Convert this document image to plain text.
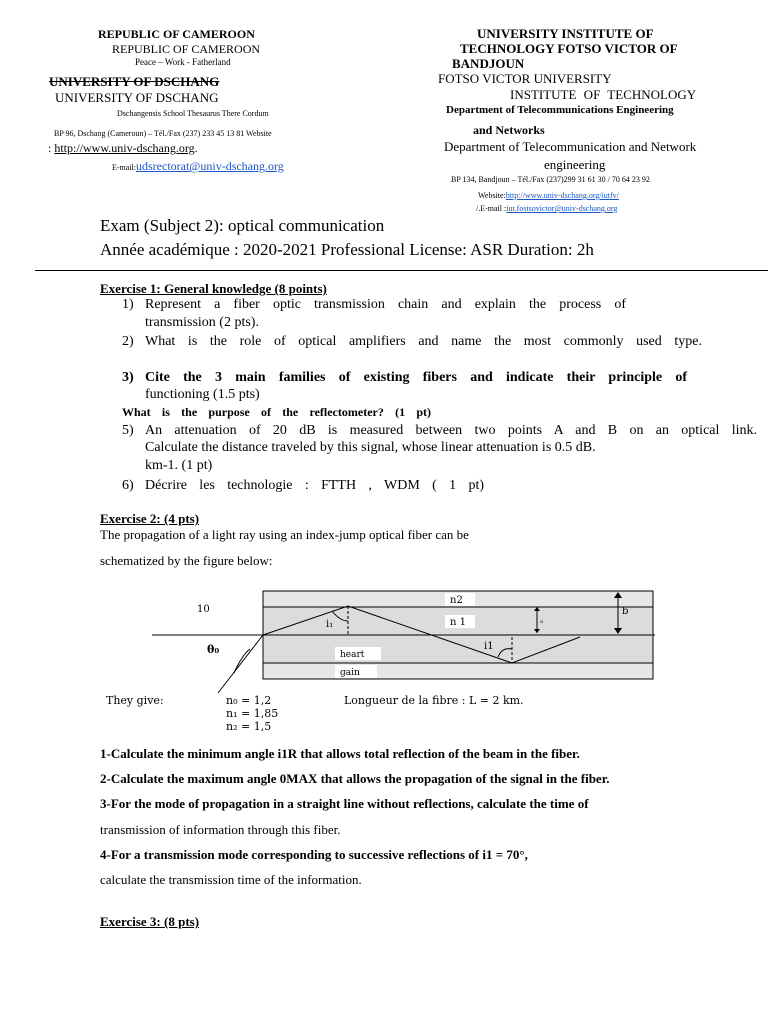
REPUBLIC OF CAMEROON
REPUBLIC OF CAMEROON
Peace – Work - Fatherland
UNIVERSITY OF DSCHANG
UNIVERSITY OF DSCHANG
Dschangensis School Thesaurus There Cordum
BP 96, Dschang (Cameroun) – Tél./Fax (237) 233 45 13 81 Website
: http://www.univ-dschang.org.
E-mail:udsrectorat@univ-dschang.org
UNIVERSITY INSTITUTE OF
TECHNOLOGY FOTSO VICTOR OF
BANDJOUN
FOTSO VICTOR UNIVERSITY
INSTITUTE OF TECHNOLOGY
Department of Telecommunications Engineering
and Networks
Department of Telecommunication and Network
engineering
BP 134, Bandjoun – Tél./Fax (237)299 31 61 30 / 70 64 23 92
Website:http://www.univ-dschang.org/iutfv/
/.E-mail :iut.fostsovictor@univ-dschang.org
Exam (Subject 2): optical communication
Année académique : 2020-2021 Professional License: ASR Duration: 2h
Exercise 1: General knowledge (8 points)
1) Represent a fiber optic transmission chain and explain the process of
transmission (2 pts).
2) What is the role of optical amplifiers and name the most commonly used type.
3) Cite the 3 main families of existing fibers and indicate their principle of
functioning (1.5 pts)
What is the purpose of the reflectometer? (1 pt)
5) An attenuation of 20 dB is measured between two points A and B on an optical link.
Calculate the distance traveled by this signal, whose linear attenuation is 0.5 dB.
km-1. (1 pt)
6) Décrire les technologie : FTTH , WDM ( 1 pt)
Exercise 2: (4 pts)
The propagation of a light ray using an index-jump optical fiber can be
schematized by the figure below:
10
n2
n 1
i₁
i1
θ₀	heart
gain
b
a
They give:	n₀ = 1,2
n₁ = 1,85
n₂ = 1,5
Longueur de la fibre : L = 2 km.
1-Calculate the minimum angle i1R that allows total reflection of the beam in the fiber.
2-Calculate the maximum angle 0MAX that allows the propagation of the signal in the fiber.
3-For the mode of propagation in a straight line without reflections, calculate the time of
transmission of information through this fiber.
4-For a transmission mode corresponding to successive reflections of i1 = 70°,
calculate the transmission time of the information.
Exercise 3: (8 pts)
